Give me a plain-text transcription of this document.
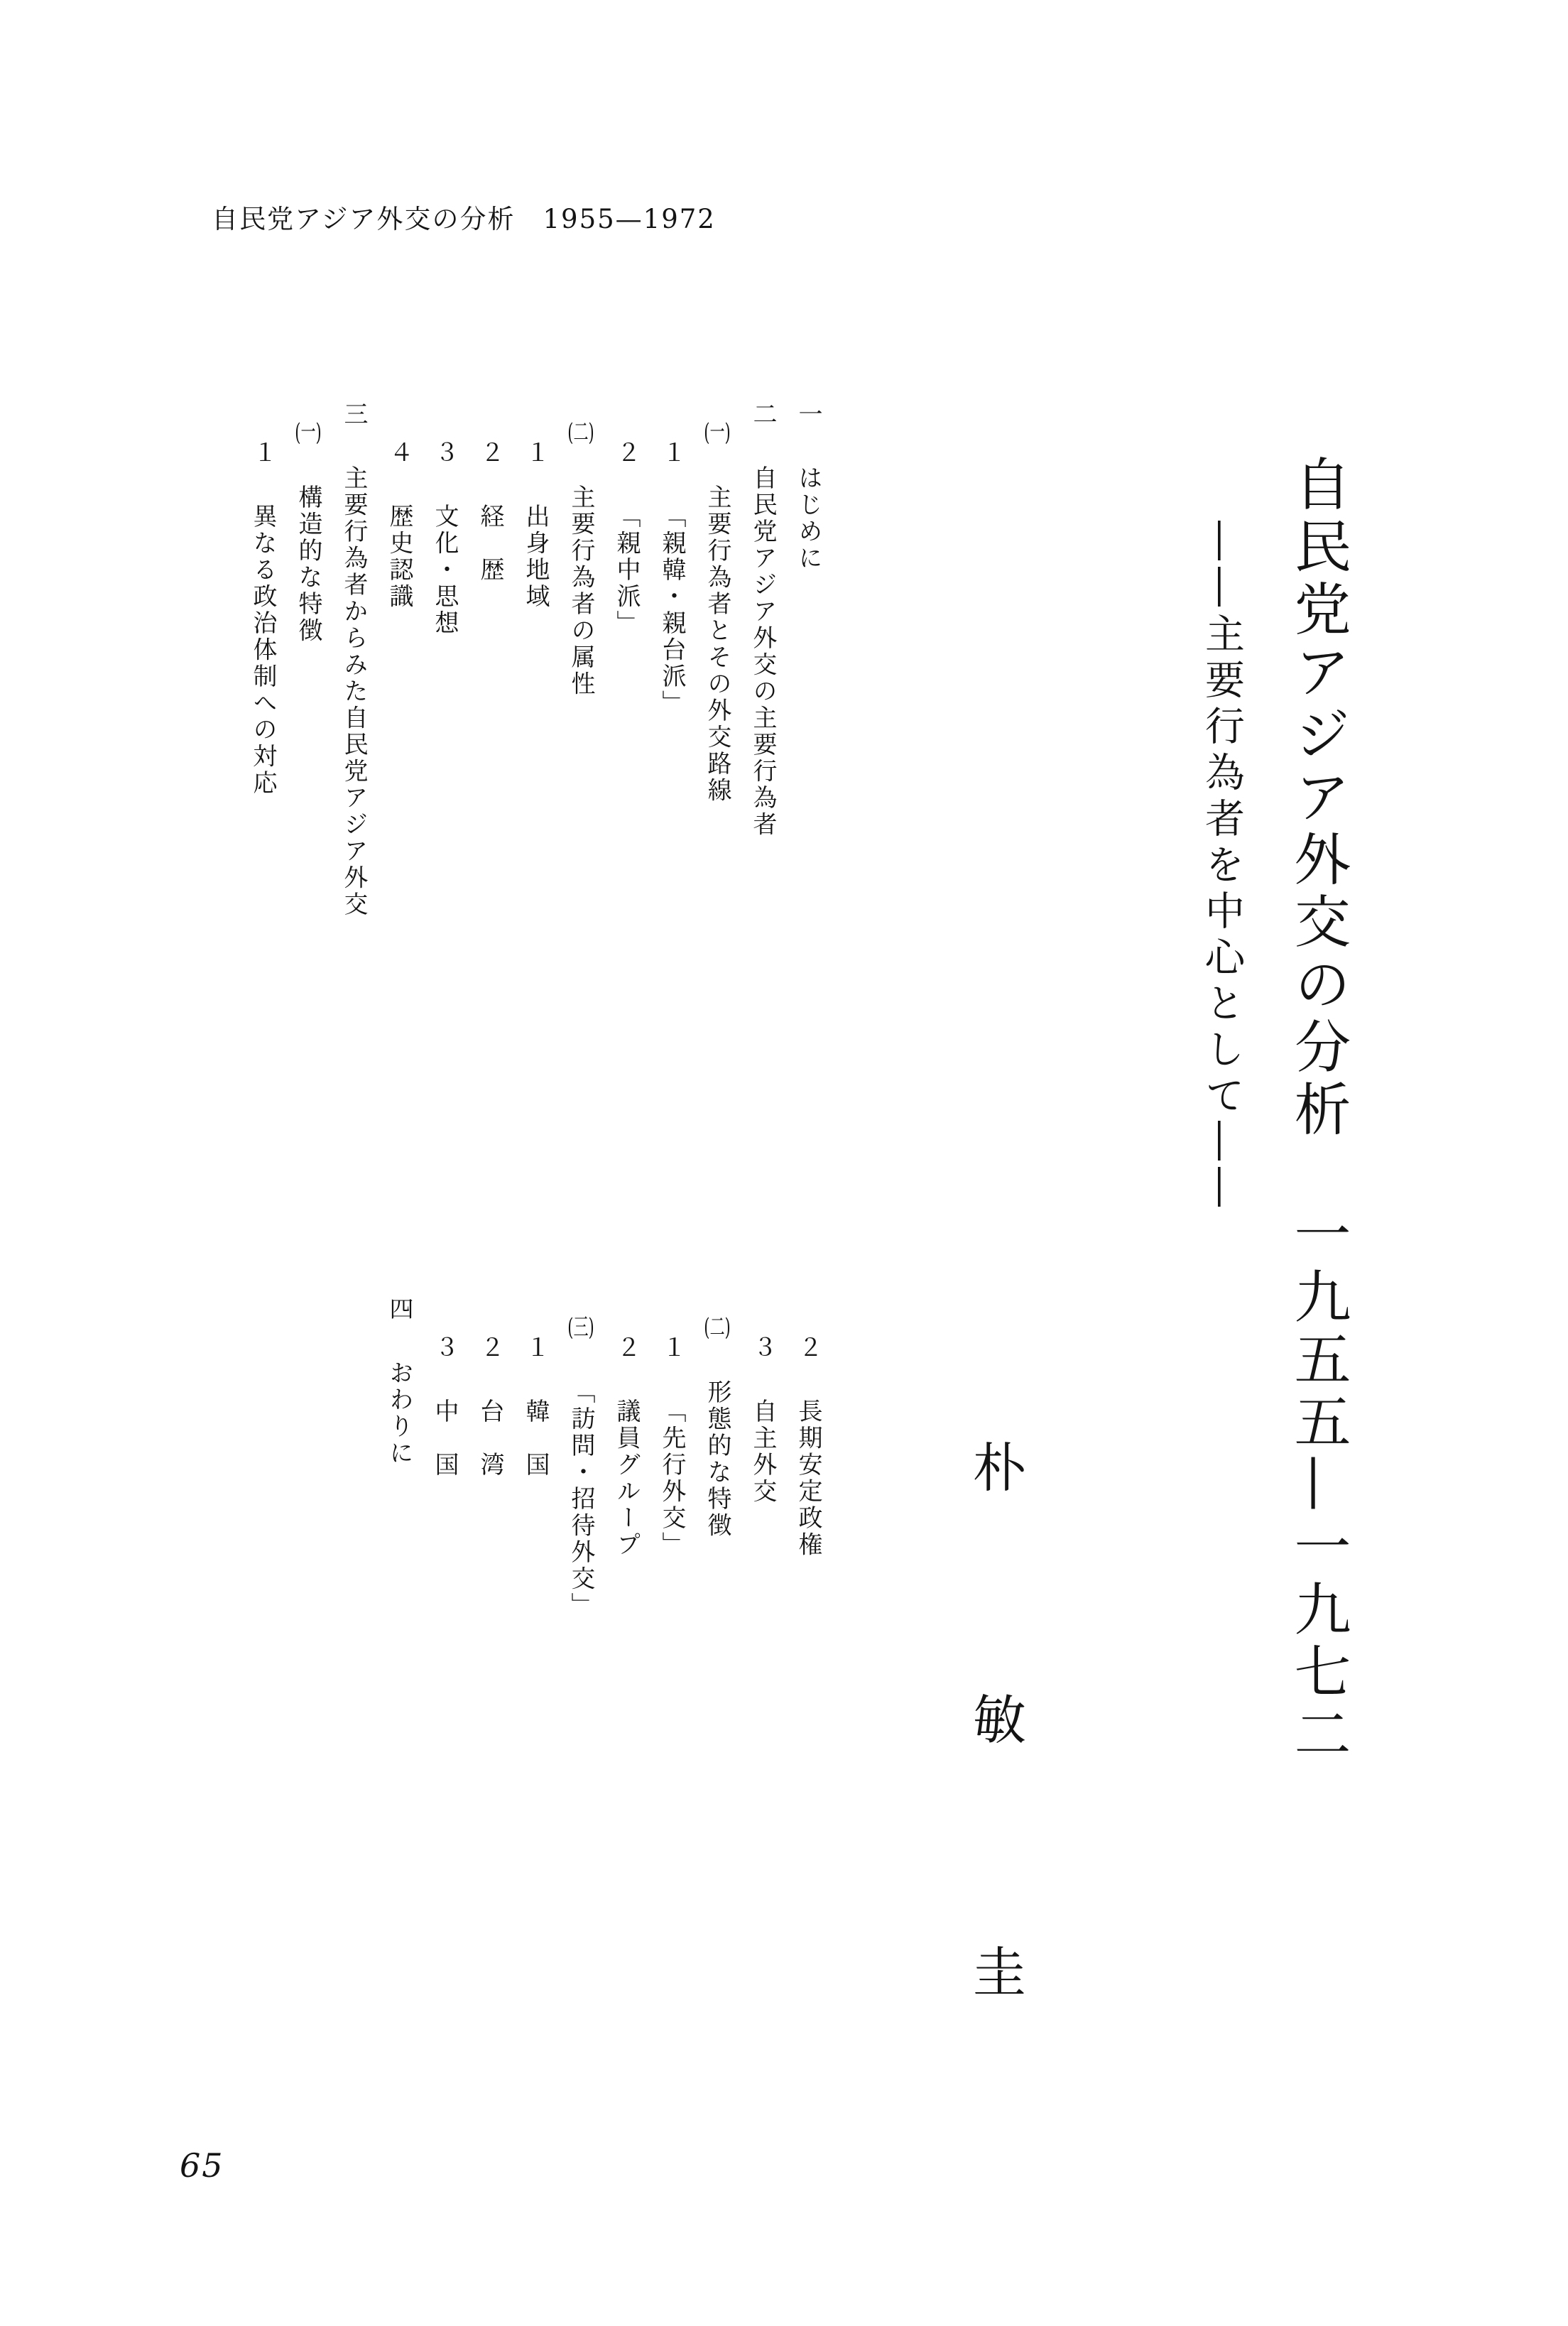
自民党アジア外交の分析　1955—1972
自民党アジア外交の分析　一九五五—一九七二
――主要行為者を中心として――
朴
敏
圭
一はじめに
二自民党アジア外交の主要行為者
(一)主要行為者とその外交路線
１「親韓・親台派」
２「親中派」
(二)主要行為者の属性
１出身地域
２経　歴
３文化・思想
４歴史認識
三主要行為者からみた自民党アジア外交
(一)構造的な特徴
１異なる政治体制への対応
２長期安定政権
３自主外交
(二)形態的な特徴
１「先行外交」
２議員グループ
(三)「訪問・招待外交」
１韓　国
２台　湾
３中　国
四おわりに
65
